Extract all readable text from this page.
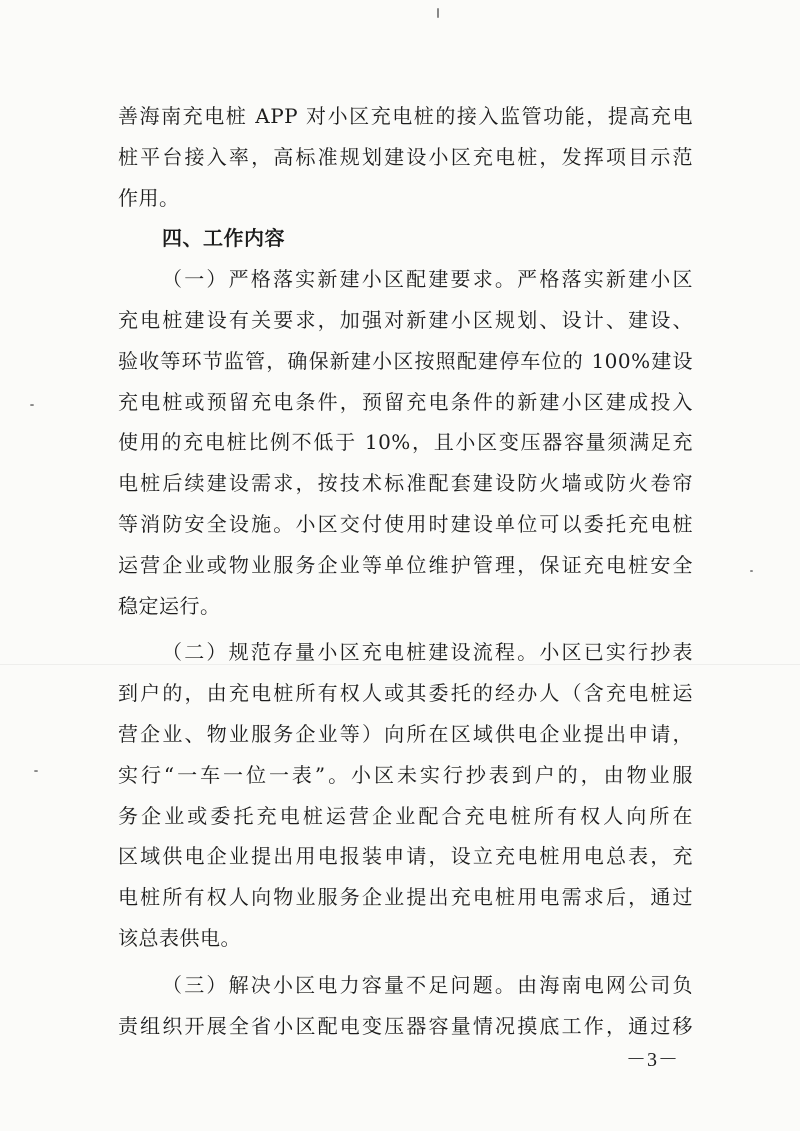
善海南充电桩 APP 对小区充电桩的接入监管功能，提高充电
桩平台接入率，高标准规划建设小区充电桩，发挥项目示范
作用。
四、工作内容
（一）严格落实新建小区配建要求。严格落实新建小区
充电桩建设有关要求，加强对新建小区规划、设计、建设、
验收等环节监管，确保新建小区按照配建停车位的 100%建设
充电桩或预留充电条件，预留充电条件的新建小区建成投入
使用的充电桩比例不低于 10%，且小区变压器容量须满足充
电桩后续建设需求，按技术标准配套建设防火墙或防火卷帘
等消防安全设施。小区交付使用时建设单位可以委托充电桩
运营企业或物业服务企业等单位维护管理，保证充电桩安全
稳定运行。
（二）规范存量小区充电桩建设流程。小区已实行抄表
到户的，由充电桩所有权人或其委托的经办人（含充电桩运
营企业、物业服务企业等）向所在区域供电企业提出申请，
实行“一车一位一表”。小区未实行抄表到户的，由物业服
务企业或委托充电桩运营企业配合充电桩所有权人向所在
区域供电企业提出用电报装申请，设立充电桩用电总表，充
电桩所有权人向物业服务企业提出充电桩用电需求后，通过
该总表供电。
（三）解决小区电力容量不足问题。由海南电网公司负
责组织开展全省小区配电变压器容量情况摸底工作，通过移
－3－
